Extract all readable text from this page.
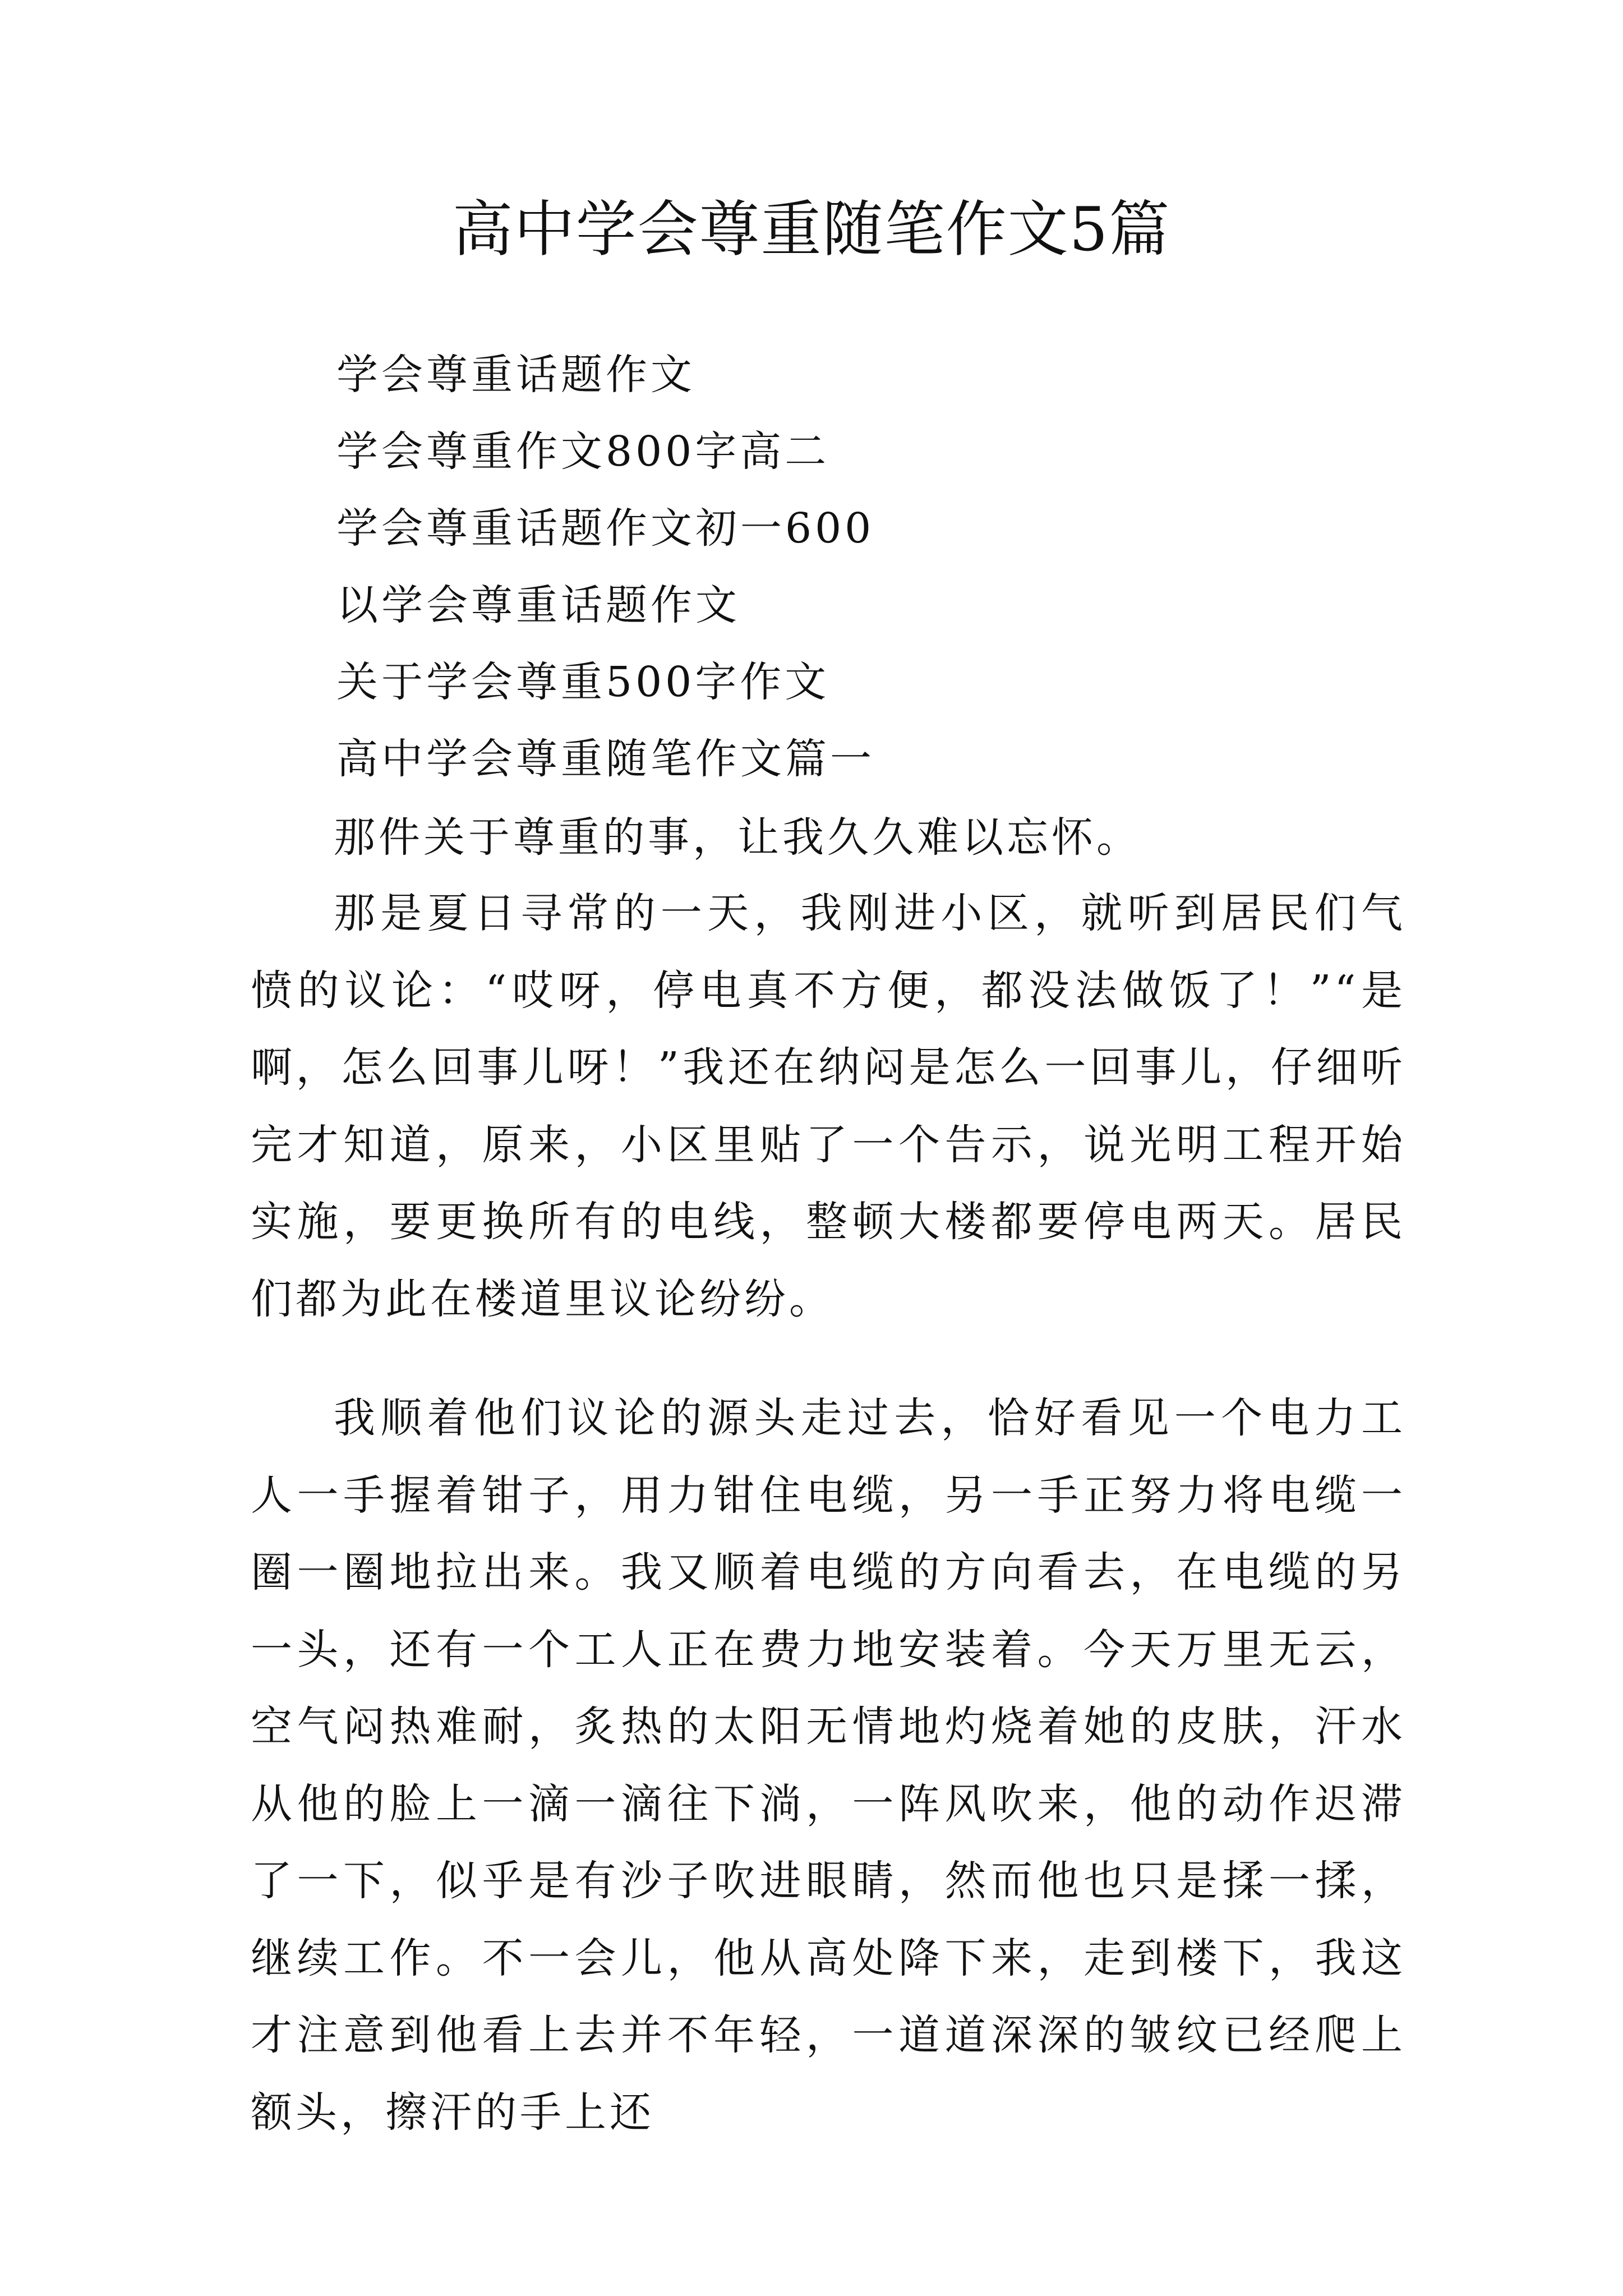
高中学会尊重随笔作文5篇
学会尊重话题作文
学会尊重作文800字高二
学会尊重话题作文初一600
以学会尊重话题作文
关于学会尊重500字作文
高中学会尊重随笔作文篇一

那件关于尊重的事，让我久久难以忘怀。

那是夏日寻常的一天，我刚进小区，就听到居民们气愤的议论：“哎呀，停电真不方便，都没法做饭了！”“是啊，怎么回事儿呀！”我还在纳闷是怎么一回事儿，仔细听完才知道，原来，小区里贴了一个告示，说光明工程开始实施，要更换所有的电线，整顿大楼都要停电两天。居民们都为此在楼道里议论纷纷。

我顺着他们议论的源头走过去，恰好看见一个电力工人一手握着钳子，用力钳住电缆，另一手正努力将电缆一圈一圈地拉出来。我又顺着电缆的方向看去，在电缆的另一头，还有一个工人正在费力地安装着。今天万里无云，空气闷热难耐，炙热的太阳无情地灼烧着她的皮肤，汗水从他的脸上一滴一滴往下淌，一阵风吹来，他的动作迟滞了一下，似乎是有沙子吹进眼睛，然而他也只是揉一揉，继续工作。不一会儿，他从高处降下来，走到楼下，我这才注意到他看上去并不年轻，一道道深深的皱纹已经爬上额头，擦汗的手上还
